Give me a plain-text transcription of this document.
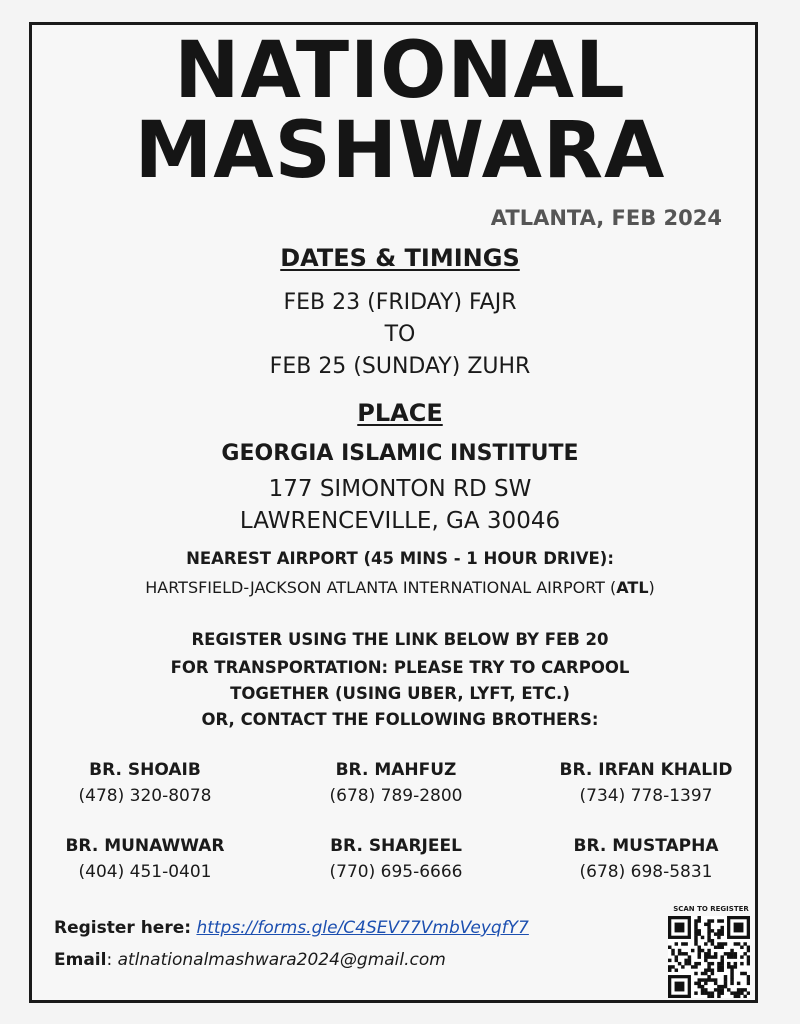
NATIONAL
MASHWARA
ATLANTA, FEB 2024
DATES & TIMINGS
FEB 23 (FRIDAY) FAJR
TO
FEB 25 (SUNDAY) ZUHR
PLACE
GEORGIA ISLAMIC INSTITUTE
177 SIMONTON RD SW
LAWRENCEVILLE, GA 30046
NEAREST AIRPORT (45 MINS - 1 HOUR DRIVE):
HARTSFIELD-JACKSON ATLANTA INTERNATIONAL AIRPORT (ATL)
REGISTER USING THE LINK BELOW BY FEB 20
FOR TRANSPORTATION: PLEASE TRY TO CARPOOL
TOGETHER (USING UBER, LYFT, ETC.)
OR, CONTACT THE FOLLOWING BROTHERS:
BR. SHOAIB
(478) 320-8078
BR. MAHFUZ
(678) 789-2800
BR. IRFAN KHALID
(734) 778-1397
BR. MUNAWWAR
(404) 451-0401
BR. SHARJEEL
(770) 695-6666
BR. MUSTAPHA
(678) 698-5831
Register here: https://forms.gle/C4SEV77VmbVeyqfY7
Email: atlnationalmashwara2024@gmail.com
SCAN TO REGISTER
